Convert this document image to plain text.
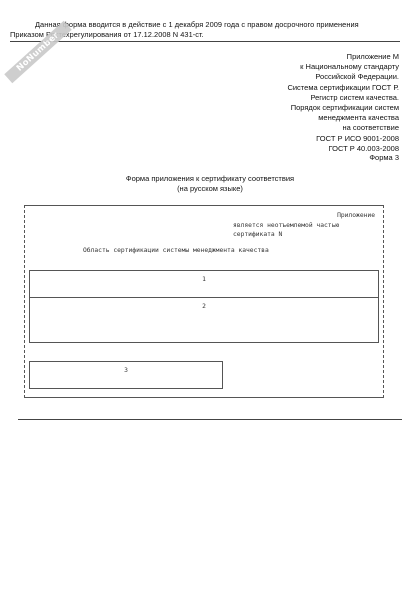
Данная форма вводится в действие с 1 декабря 2009 года с правом досрочного применения
Приказом Ростехрегулирования от 17.12.2008 N 431-ст.
NoNumber	Приложение М
к Национальному стандарту
Российской Федерации.
Система сертификации ГОСТ Р.
Регистр систем качества.
Порядок сертификации систем
менеджмента качества
на соответствие
ГОСТ Р ИСО 9001-2008
ГОСТ Р 40.003-2008
Форма 3
Форма приложения к сертификату соответствия
(на русском языке)
Приложение
является неотъемлемой частью
сертификата N
Область сертификации системы менеджмента качества
1
2
3
